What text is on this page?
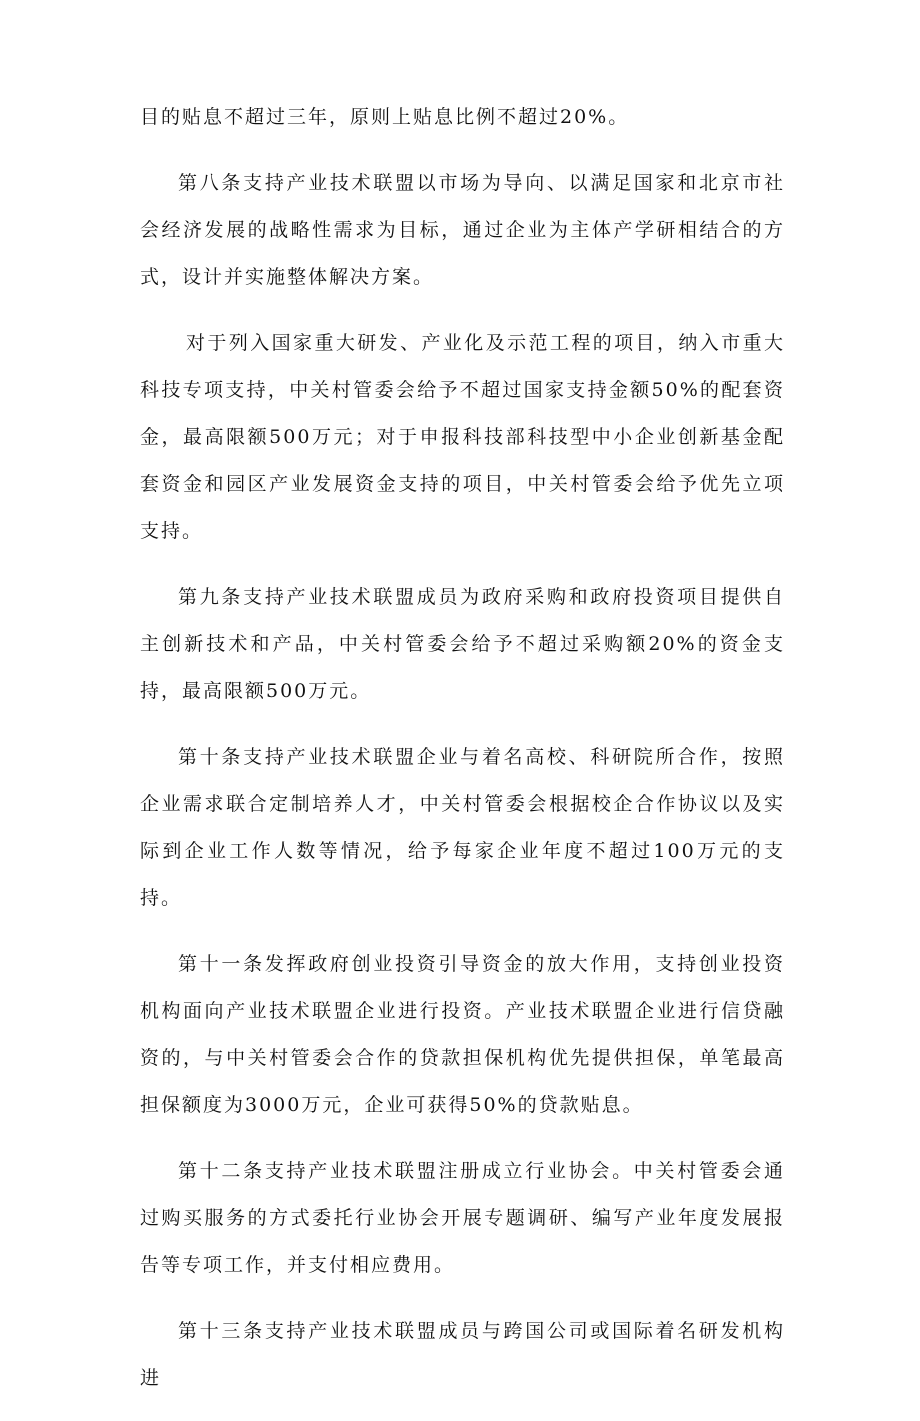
目的贴息不超过三年，原则上贴息比例不超过20%。

第八条支持产业技术联盟以市场为导向、以满足国家和北京市社会经济发展的战略性需求为目标，通过企业为主体产学研相结合的方式，设计并实施整体解决方案。

对于列入国家重大研发、产业化及示范工程的项目，纳入市重大科技专项支持，中关村管委会给予不超过国家支持金额50%的配套资金，最高限额500万元；对于申报科技部科技型中小企业创新基金配套资金和园区产业发展资金支持的项目，中关村管委会给予优先立项支持。

第九条支持产业技术联盟成员为政府采购和政府投资项目提供自主创新技术和产品，中关村管委会给予不超过采购额20%的资金支持，最高限额500万元。

第十条支持产业技术联盟企业与着名高校、科研院所合作，按照企业需求联合定制培养人才，中关村管委会根据校企合作协议以及实际到企业工作人数等情况，给予每家企业年度不超过100万元的支持。

第十一条发挥政府创业投资引导资金的放大作用，支持创业投资机构面向产业技术联盟企业进行投资。产业技术联盟企业进行信贷融资的，与中关村管委会合作的贷款担保机构优先提供担保，单笔最高担保额度为3000万元，企业可获得50%的贷款贴息。

第十二条支持产业技术联盟注册成立行业协会。中关村管委会通过购买服务的方式委托行业协会开展专题调研、编写产业年度发展报告等专项工作，并支付相应费用。

第十三条支持产业技术联盟成员与跨国公司或国际着名研发机构进
